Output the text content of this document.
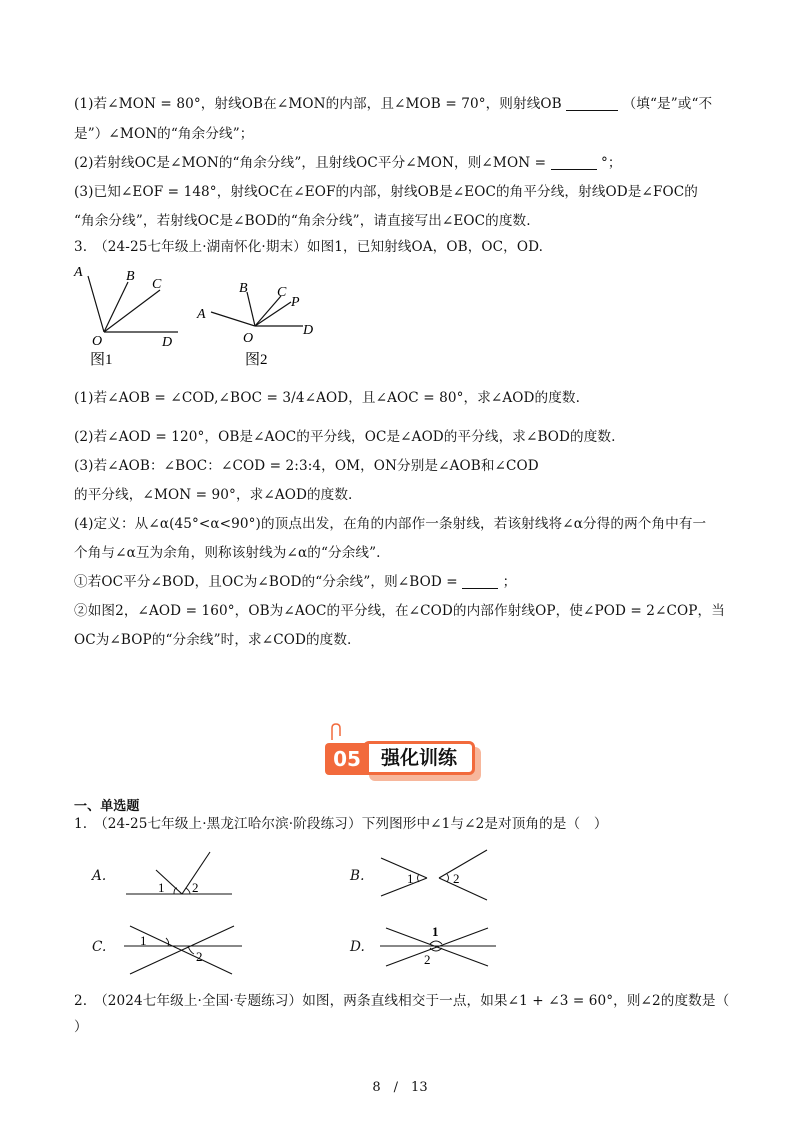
(1)若∠MON = 80°，射线OB在∠MON的内部，且∠MOB = 70°，则射线OB	（填“是”或“不
是”）∠MON的“角余分线”；
(2)若射线OC是∠MON的“角余分线”，且射线OC平分∠MON，则∠MON =	°；
(3)已知∠EOF = 148°，射线OC在∠EOF的内部，射线OB是∠EOC的角平分线，射线OD是∠FOC的
“角余分线”，若射线OC是∠BOD的“角余分线”，请直接写出∠EOC的度数.
3.　（24-25七年级上·湖南怀化·期末）如图1，已知射线OA，OB，OC，OD.
A	B
C
O	D
图1
A
B C
P
O
D
图2
(1)若∠AOB = ∠COD,∠BOC = 3/4∠AOD，且∠AOC = 80°，求∠AOD的度数.
(2)若∠AOD = 120°，OB是∠AOC的平分线，OC是∠AOD的平分线，求∠BOD的度数.
(3)若∠AOB：∠BOC：∠COD = 2:3:4，OM，ON分别是∠AOB和∠COD
的平分线，∠MON = 90°，求∠AOD的度数.
(4)定义：从∠α(45°<α<90°)的顶点出发，在角的内部作一条射线，若该射线将∠α分得的两个角中有一
个角与∠α互为余角，则称该射线为∠α的“分余线”.
①若OC平分∠BOD，且OC为∠BOD的“分余线”，则∠BOD =	；
②如图2，∠AOD = 160°，OB为∠AOC的平分线，在∠COD的内部作射线OP，使∠POD = 2∠COP，当
OC为∠BOP的“分余线”时，求∠COD的度数.
强化训练
05
一、单选题
1.　（24-25七年级上·黑龙江哈尔滨·阶段练习）下列图形中∠1与∠2是对顶角的是（　）
A.
1 2
B.	1	2
C.	1
2
D.
1
2
2.　（2024七年级上·全国·专题练习）如图，两条直线相交于一点，如果∠1 + ∠3 = 60°，则∠2的度数是（
）
8　/　13
